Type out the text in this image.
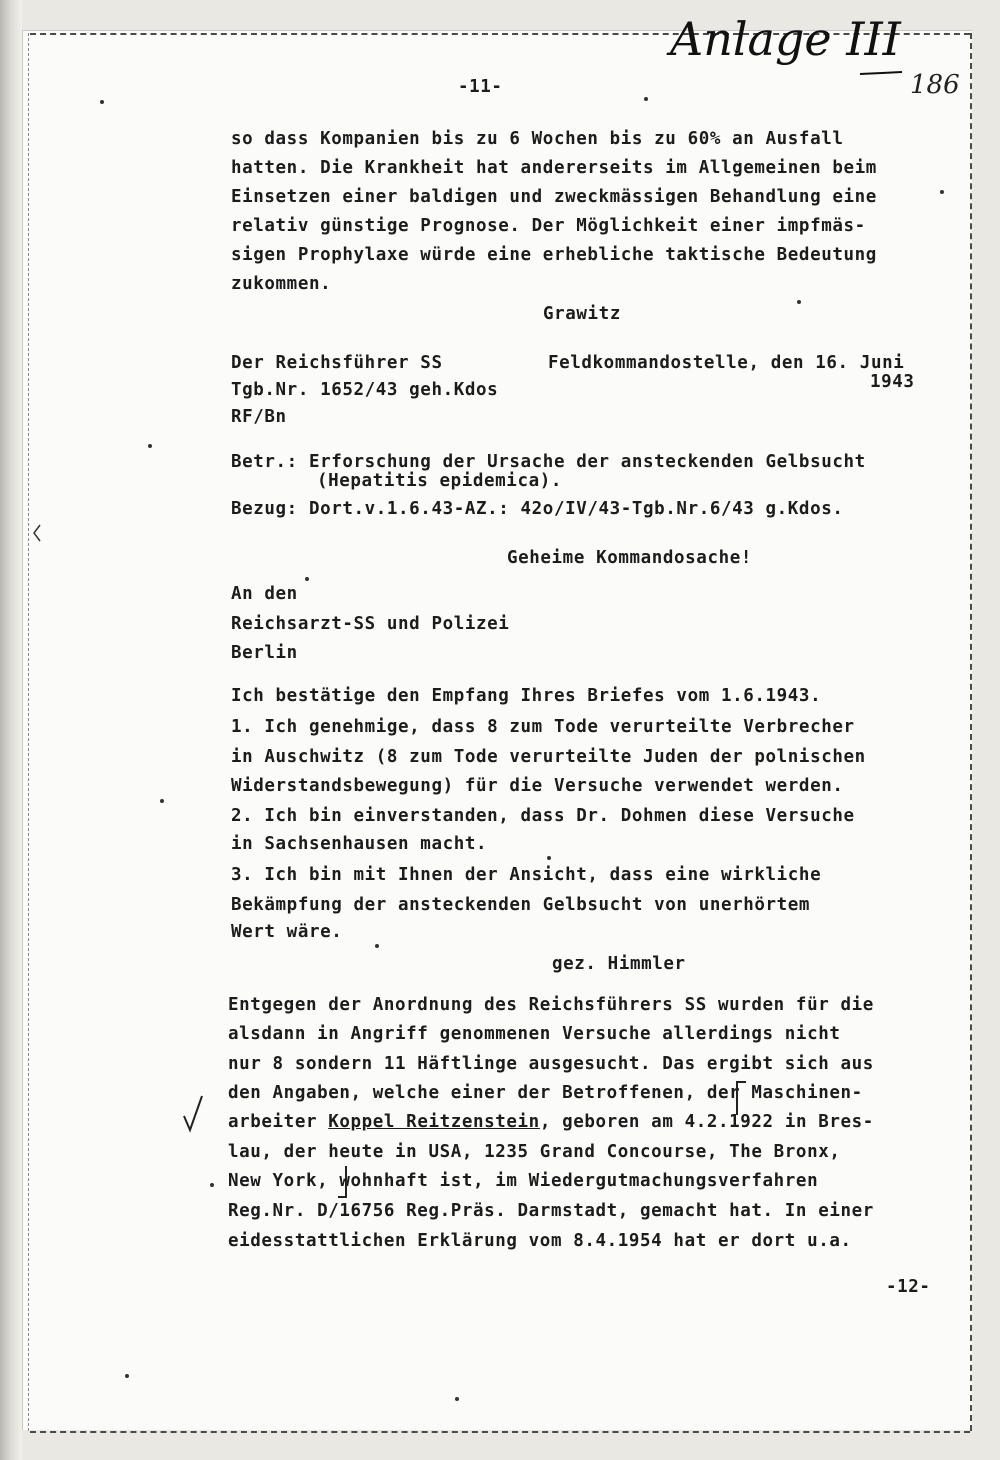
Anlage III
186
-11-
so dass Kompanien bis zu 6 Wochen bis zu 60% an Ausfall
hatten. Die Krankheit hat andererseits im Allgemeinen beim
Einsetzen einer baldigen und zweckmässigen Behandlung eine
relativ günstige Prognose. Der Möglichkeit einer impfmäs-
sigen Prophylaxe würde eine erhebliche taktische Bedeutung
zukommen.
Grawitz
Der Reichsführer SS	Feldkommandostelle, den 16. Juni
1943
Tgb.Nr. 1652/43 geh.Kdos
RF/Bn
Betr.: Erforschung der Ursache der ansteckenden Gelbsucht
(Hepatitis epidemica).
Bezug: Dort.v.1.6.43-AZ.: 42o/IV/43-Tgb.Nr.6/43 g.Kdos.
Geheime Kommandosache!
An den
Reichsarzt-SS und Polizei
Berlin
Ich bestätige den Empfang Ihres Briefes vom 1.6.1943.
1. Ich genehmige, dass 8 zum Tode verurteilte Verbrecher
in Auschwitz (8 zum Tode verurteilte Juden der polnischen
Widerstandsbewegung) für die Versuche verwendet werden.
2. Ich bin einverstanden, dass Dr. Dohmen diese Versuche
in Sachsenhausen macht.
3. Ich bin mit Ihnen der Ansicht, dass eine wirkliche
Bekämpfung der ansteckenden Gelbsucht von unerhörtem
Wert wäre.
gez. Himmler
Entgegen der Anordnung des Reichsführers SS wurden für die
alsdann in Angriff genommenen Versuche allerdings nicht
nur 8 sondern 11 Häftlinge ausgesucht. Das ergibt sich aus
den Angaben, welche einer der Betroffenen, der Maschinen-
arbeiter Koppel Reitzenstein, geboren am 4.2.1922 in Bres-
lau, der heute in USA, 1235 Grand Concourse, The Bronx,
New York, wohnhaft ist, im Wiedergutmachungsverfahren
Reg.Nr. D/16756 Reg.Präs. Darmstadt, gemacht hat. In einer
eidesstattlichen Erklärung vom 8.4.1954 hat er dort u.a.
-12-
